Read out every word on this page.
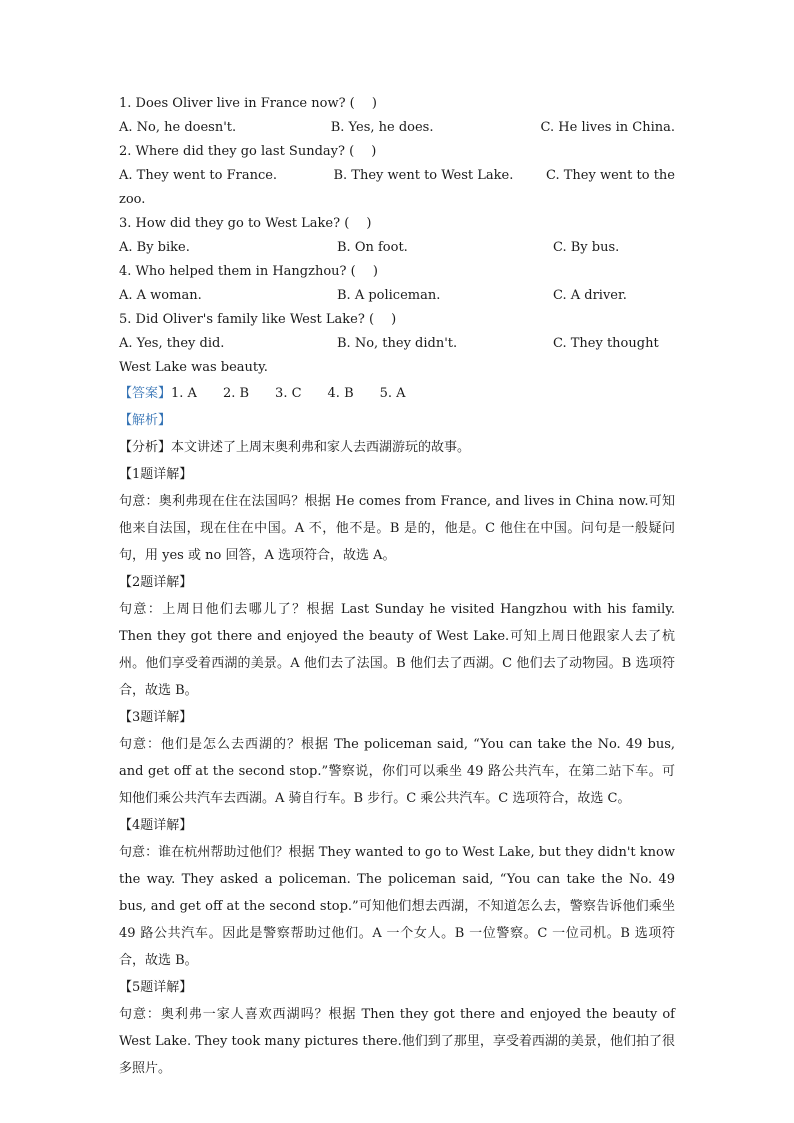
1. Does Oliver live in France now? (　 )
A. No, he doesn't.	B. Yes, he does.	C. He lives in China.
2. Where did they go last Sunday? (　 )
A. They went to France.	B. They went to West Lake.	C. They went to the
zoo.
3. How did they go to West Lake? (　 )
A. By bike.	B. On foot.	C. By bus.
4. Who helped them in Hangzhou? (　 )
A. A woman.	B. A policeman.	C. A driver.
5. Did Oliver's family like West Lake? (　 )
A. Yes, they did.	B. No, they didn't.	C. They thought
West Lake was beauty.
【答案】1. A 2. B 3. C 4. B 5. A
【解析】
【分析】本文讲述了上周末奥利弗和家人去西湖游玩的故事。
【1题详解】
句意：奥利弗现在住在法国吗？根据 He comes from France, and lives in China now.可知他来自法国，现在住在中国。A 不，他不是。B 是的，他是。C 他住在中国。问句是一般疑问句，用 yes 或 no 回答，A 选项符合，故选 A。
【2题详解】
句意：上周日他们去哪儿了？根据 Last Sunday he visited Hangzhou with his family. Then they got there and enjoyed the beauty of West Lake.可知上周日他跟家人去了杭州。他们享受着西湖的美景。A 他们去了法国。B 他们去了西湖。C 他们去了动物园。B 选项符合，故选 B。
【3题详解】
句意：他们是怎么去西湖的？根据 The policeman said, “You can take the No. 49 bus, and get off at the second stop.”警察说，你们可以乘坐 49 路公共汽车，在第二站下车。可知他们乘公共汽车去西湖。A 骑自行车。B 步行。C 乘公共汽车。C 选项符合，故选 C。
【4题详解】
句意：谁在杭州帮助过他们？根据 They wanted to go to West Lake, but they didn't know the way. They asked a policeman. The policeman said, “You can take the No. 49 bus, and get off at the second stop.”可知他们想去西湖，不知道怎么去，警察告诉他们乘坐 49 路公共汽车。因此是警察帮助过他们。A 一个女人。B 一位警察。C 一位司机。B 选项符合，故选 B。
【5题详解】
句意：奥利弗一家人喜欢西湖吗？根据 Then they got there and enjoyed the beauty of West Lake. They took many pictures there.他们到了那里，享受着西湖的美景，他们拍了很多照片。
